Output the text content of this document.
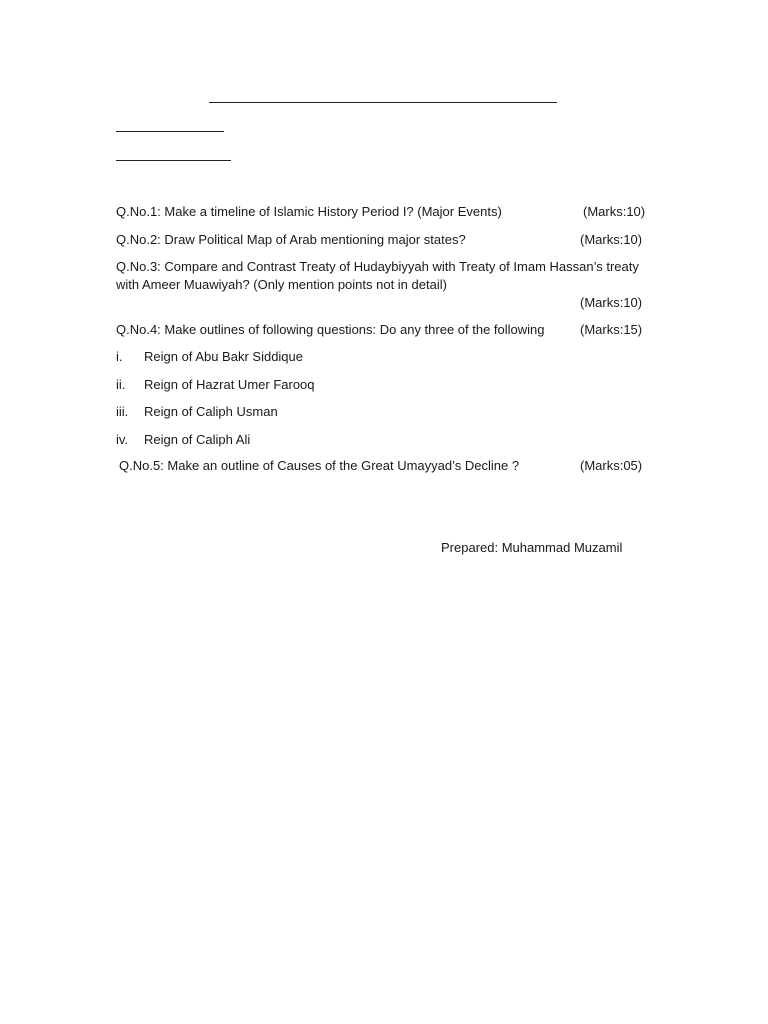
Q.No.1: Make a timeline of Islamic History Period I? (Major Events)	(Marks:10)
Q.No.2: Draw Political Map of Arab mentioning major states?	(Marks:10)
Q.No.3: Compare and Contrast Treaty of Hudaybiyyah with Treaty of Imam Hassan’s treaty
with Ameer Muawiyah? (Only mention points not in detail)
(Marks:10)
Q.No.4: Make outlines of following questions: Do any three of the following	(Marks:15)
i. Reign of Abu Bakr Siddique
ii. Reign of Hazrat Umer Farooq
iii. Reign of Caliph Usman
iv. Reign of Caliph Ali
Q.No.5: Make an outline of Causes of the Great Umayyad’s Decline ?	(Marks:05)
Prepared: Muhammad Muzamil
